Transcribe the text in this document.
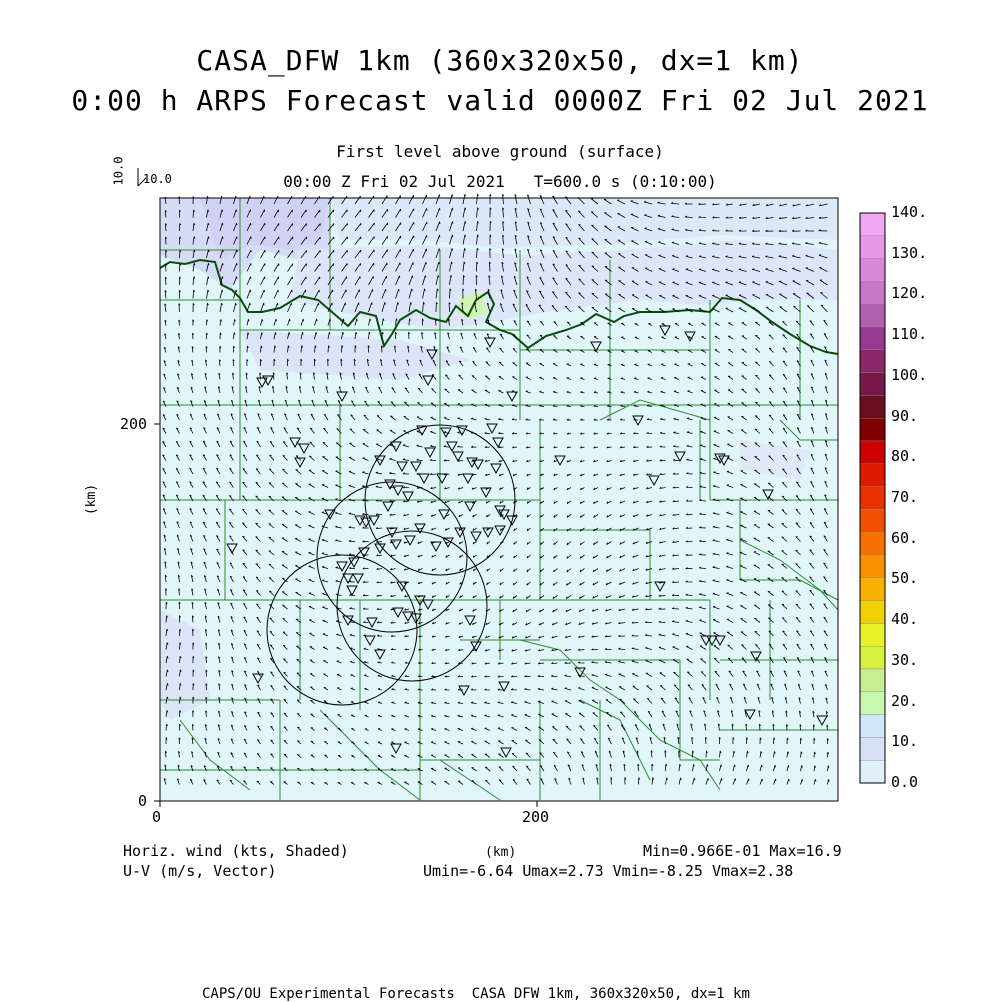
CASA_DFW 1km (360x320x50, dx=1 km)
0:00 h ARPS Forecast valid 0000Z Fri 02 Jul 2021
First level above ground (surface)
00:00 Z Fri 02 Jul 2021   T=600.0 s (0:10:00)
10.0 10.0
0	200
0
200
(km)
140.
130.
120.
110.
100.
90.
80.
70.
60.
50.
40.
30.
20.
10.
0.0
Horiz. wind (kts, Shaded)
U-V (m/s, Vector)
(km)	Min=0.966E-01 Max=16.9
Umin=-6.64 Umax=2.73 Vmin=-8.25 Vmax=2.38
CAPS/OU Experimental Forecasts  CASA DFW 1km, 360x320x50, dx=1 km
